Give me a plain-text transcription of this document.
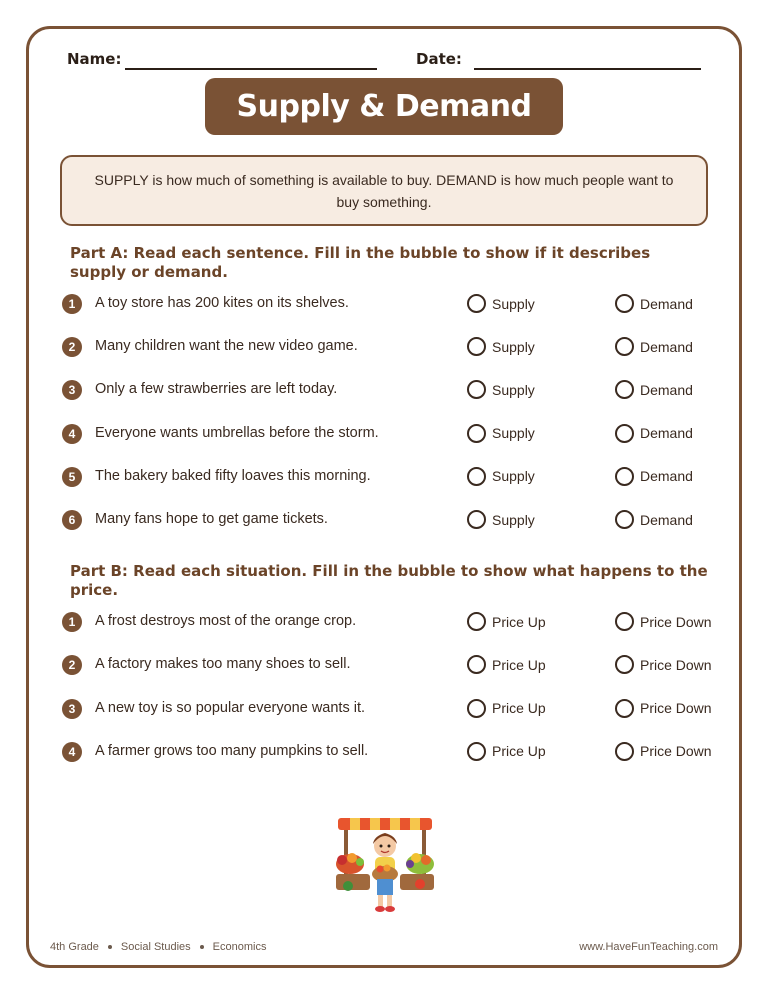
Name:	Date:
Supply & Demand
SUPPLY is how much of something is available to buy. DEMAND is how much people want to buy something.
Part A: Read each sentence. Fill in the bubble to show if it describes supply or demand.
1	A toy store has 200 kites on its shelves.	Supply	Demand
2	Many children want the new video game.	Supply	Demand
3	Only a few strawberries are left today.	Supply	Demand
4	Everyone wants umbrellas before the storm.	Supply	Demand
5	The bakery baked fifty loaves this morning.	Supply	Demand
6	Many fans hope to get game tickets.	Supply	Demand
Part B: Read each situation. Fill in the bubble to show what happens to the price.
1	A frost destroys most of the orange crop.	Price Up	Price Down
2	A factory makes too many shoes to sell.	Price Up	Price Down
3	A new toy is so popular everyone wants it.	Price Up	Price Down
4	A farmer grows too many pumpkins to sell.	Price Up	Price Down
4th Grade Social Studies Economics	www.HaveFunTeaching.com
